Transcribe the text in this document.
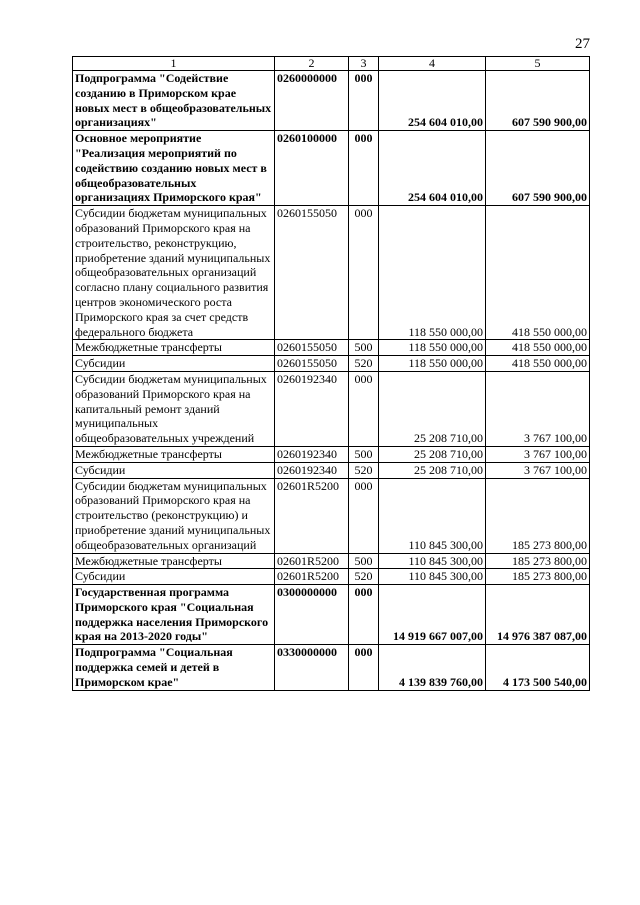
27
1	2	3	4	5
Подпрограмма "Содействие созданию в Приморском крае новых мест в общеобразовательных организациях"	0260000000	000	254 604 010,00	607 590 900,00
Основное мероприятие "Реализация мероприятий по содействию созданию новых мест в общеобразовательных организациях Приморского края"	0260100000	000	254 604 010,00	607 590 900,00
Субсидии бюджетам муниципальных образований Приморского края на строительство, реконструкцию, приобретение зданий муниципальных общеобразовательных организаций согласно плану социального развития центров экономического роста Приморского края за счет средств федерального бюджета	0260155050	000	118 550 000,00	418 550 000,00
Межбюджетные трансферты	0260155050	500	118 550 000,00	418 550 000,00
Субсидии	0260155050	520	118 550 000,00	418 550 000,00
Субсидии бюджетам муниципальных образований Приморского края на капитальный ремонт зданий муниципальных общеобразовательных учреждений	0260192340	000	25 208 710,00	3 767 100,00
Межбюджетные трансферты	0260192340	500	25 208 710,00	3 767 100,00
Субсидии	0260192340	520	25 208 710,00	3 767 100,00
Субсидии бюджетам муниципальных образований Приморского края на строительство (реконструкцию) и приобретение зданий муниципальных общеобразовательных организаций	02601R5200	000	110 845 300,00	185 273 800,00
Межбюджетные трансферты	02601R5200	500	110 845 300,00	185 273 800,00
Субсидии	02601R5200	520	110 845 300,00	185 273 800,00
Государственная программа Приморского края "Социальная поддержка населения Приморского края на 2013-2020 годы"	0300000000	000	14 919 667 007,00	14 976 387 087,00
Подпрограмма "Социальная поддержка семей и детей в Приморском крае"	0330000000	000	4 139 839 760,00	4 173 500 540,00
